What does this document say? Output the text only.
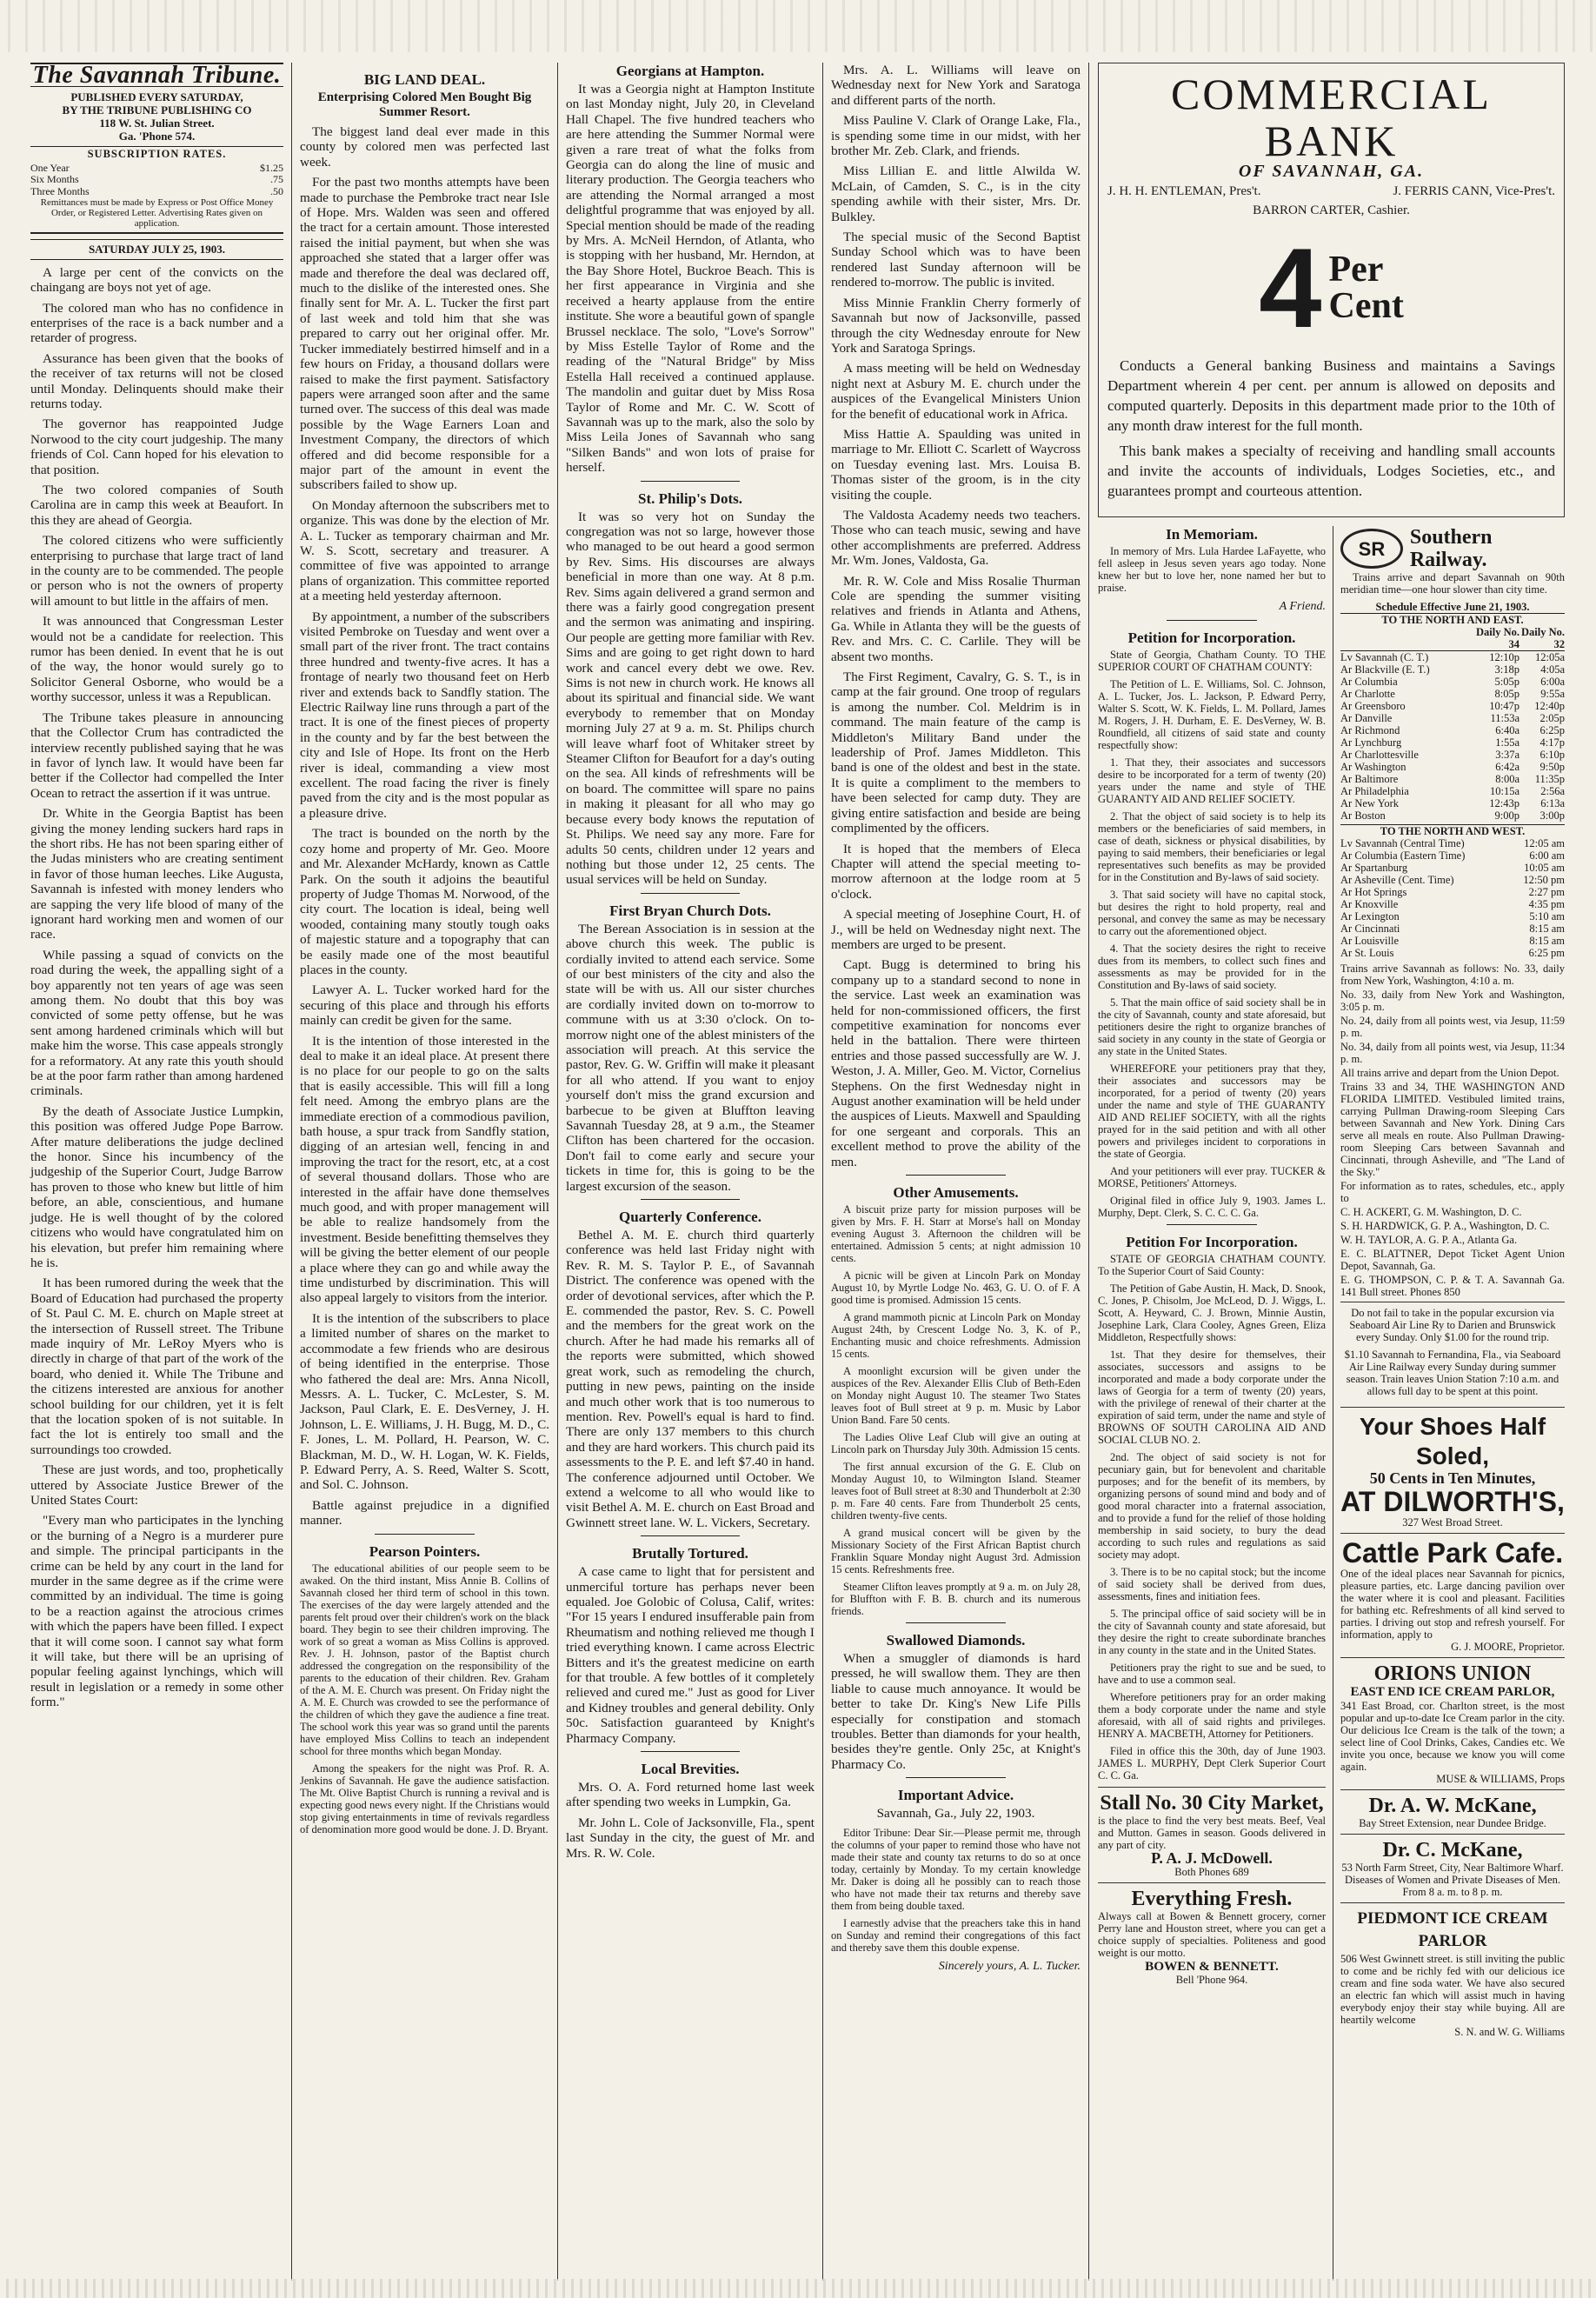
The Savannah Tribune.
PUBLISHED EVERY SATURDAY,
BY THE TRIBUNE PUBLISHING CO
118 W. St. Julian Street.
Ga. 'Phone 574.
SUBSCRIPTION RATES.
One Year	$1.25
Six Months	.75
Three Months	.50
Remittances must be made by Express or Post Office Money Order, or Registered Letter. Advertising Rates given on application.
SATURDAY JULY 25, 1903.

A large per cent of the convicts on the chaingang are boys not yet of age.

The colored man who has no confidence in enterprises of the race is a back number and a retarder of progress.

Assurance has been given that the books of the receiver of tax returns will not be closed until Monday. Delinquents should make their returns today.

The governor has reappointed Judge Norwood to the city court judgeship. The many friends of Col. Cann hoped for his elevation to that position.

The two colored companies of South Carolina are in camp this week at Beaufort. In this they are ahead of Georgia.

The colored citizens who were sufficiently enterprising to purchase that large tract of land in the county are to be commended. The people or person who is not the owners of property will amount to but little in the affairs of men.

It was announced that Congressman Lester would not be a candidate for reelection. This rumor has been denied. In event that he is out of the way, the honor would surely go to Solicitor General Osborne, who would be a worthy successor, unless it was a Republican.

The Tribune takes pleasure in announcing that the Collector Crum has contradicted the interview recently published saying that he was in favor of lynch law. It would have been far better if the Collector had compelled the Inter Ocean to retract the assertion if it was untrue.

Dr. White in the Georgia Baptist has been giving the money lending suckers hard raps in the short ribs. He has not been sparing either of the Judas ministers who are creating sentiment in favor of those human leeches. Like Augusta, Savannah is infested with money lenders who are sapping the very life blood of many of the ignorant hard working men and women of our race.

While passing a squad of convicts on the road during the week, the appalling sight of a boy apparently not ten years of age was seen among them. No doubt that this boy was convicted of some petty offense, but he was sent among hardened criminals which will but make him the worse. This case appeals strongly for a reformatory. At any rate this youth should be at the poor farm rather than among hardened criminals.

By the death of Associate Justice Lumpkin, this position was offered Judge Pope Barrow. After mature deliberations the judge declined the honor. Since his incumbency of the judgeship of the Superior Court, Judge Barrow has proven to those who knew but little of him before, an able, conscientious, and humane judge. He is well thought of by the colored citizens who would have congratulated him on his elevation, but prefer him remaining where he is.

It has been rumored during the week that the Board of Education had purchased the property of St. Paul C. M. E. church on Maple street at the intersection of Russell street. The Tribune made inquiry of Mr. LeRoy Myers who is directly in charge of that part of the work of the board, who denied it. While The Tribune and the citizens interested are anxious for another school building for our children, yet it is felt that the location spoken of is not suitable. In fact the lot is entirely too small and the surroundings too crowded.

These are just words, and too, prophetically uttered by Associate Justice Brewer of the United States Court:

"Every man who participates in the lynching or the burning of a Negro is a murderer pure and simple. The principal participants in the crime can be held by any court in the land for murder in the same degree as if the crime were committed by an individual. The time is going to be a reaction against the atrocious crimes with which the papers have been filled. I expect that it will come soon. I cannot say what form it will take, but there will be an uprising of popular feeling against lynchings, which will result in legislation or a remedy in some other form."

BIG LAND DEAL.
Enterprising Colored Men Bought Big Summer Resort.

The biggest land deal ever made in this county by colored men was perfected last week.

For the past two months attempts have been made to purchase the Pembroke tract near Isle of Hope. Mrs. Walden was seen and offered the tract for a certain amount. Those interested raised the initial payment, but when she was approached she stated that a larger offer was made and therefore the deal was declared off, much to the dislike of the interested ones. She finally sent for Mr. A. L. Tucker the first part of last week and told him that she was prepared to carry out her original offer. Mr. Tucker immediately bestirred himself and in a few hours on Friday, a thousand dollars were raised to make the first payment. Satisfactory papers were arranged soon after and the same turned over. The success of this deal was made possible by the Wage Earners Loan and Investment Company, the directors of which offered and did become responsible for a major part of the amount in event the subscribers failed to show up.

On Monday afternoon the subscribers met to organize. This was done by the election of Mr. A. L. Tucker as temporary chairman and Mr. W. S. Scott, secretary and treasurer. A committee of five was appointed to arrange plans of organization. This committee reported at a meeting held yesterday afternoon.

By appointment, a number of the subscribers visited Pembroke on Tuesday and went over a small part of the river front. The tract contains three hundred and twenty-five acres. It has a frontage of nearly two thousand feet on Herb river and extends back to Sandfly station. The Electric Railway line runs through a part of the tract. It is one of the finest pieces of property in the county and by far the best between the city and Isle of Hope. Its front on the Herb river is ideal, commanding a view most excellent. The road facing the river is finely paved from the city and is the most popular as a pleasure drive.

The tract is bounded on the north by the cozy home and property of Mr. Geo. Moore and Mr. Alexander McHardy, known as Cattle Park. On the south it adjoins the beautiful property of Judge Thomas M. Norwood, of the city court. The location is ideal, being well wooded, containing many stoutly tough oaks of majestic stature and a topography that can be easily made one of the most beautiful places in the county.

Lawyer A. L. Tucker worked hard for the securing of this place and through his efforts mainly can credit be given for the same.

It is the intention of those interested in the deal to make it an ideal place. At present there is no place for our people to go on the salts that is easily accessible. This will fill a long felt need. Among the embryo plans are the immediate erection of a commodious pavilion, bath house, a spur track from Sandfly station, digging of an artesian well, fencing in and improving the tract for the resort, etc, at a cost of several thousand dollars. Those who are interested in the affair have done themselves much good, and with proper management will be able to realize handsomely from the investment. Beside benefitting themselves they will be giving the better element of our people a place where they can go and while away the time undisturbed by discrimination. This will also appeal largely to visitors from the interior.

It is the intention of the subscribers to place a limited number of shares on the market to accommodate a few friends who are desirous of being identified in the enterprise. Those who fathered the deal are: Mrs. Anna Nicoll, Messrs. A. L. Tucker, C. McLester, S. M. Jackson, Paul Clark, E. E. DesVerney, J. H. Johnson, L. E. Williams, J. H. Bugg, M. D., C. F. Jones, L. M. Pollard, H. Pearson, W. C. Blackman, M. D., W. H. Logan, W. K. Fields, P. Edward Perry, A. S. Reed, Walter S. Scott, and Sol. C. Johnson.

Battle against prejudice in a dignified manner.

Pearson Pointers.

The educational abilities of our people seem to be awaked. On the third instant, Miss Annie B. Collins of Savannah closed her third term of school in this town. The exercises of the day were largely attended and the parents felt proud over their children's work on the black board. They begin to see their children improving. The work of so great a woman as Miss Collins is approved. Rev. J. H. Johnson, pastor of the Baptist church addressed the congregation on the responsibility of the parents to the education of their children. Rev. Graham of the A. M. E. Church was present. On Friday night the A. M. E. Church was crowded to see the performance of the children of which they gave the audience a fine treat. The school work this year was so grand until the parents have employed Miss Collins to teach an independent school for three months which began Monday.

Among the speakers for the night was Prof. R. A. Jenkins of Savannah. He gave the audience satisfaction. The Mt. Olive Baptist Church is running a revival and is expecting good news every night. If the Christians would stop giving entertainments in time of revivals regardless of denomination more good would be done. J. D. Bryant.

Georgians at Hampton.

It was a Georgia night at Hampton Institute on last Monday night, July 20, in Cleveland Hall Chapel. The five hundred teachers who are here attending the Summer Normal were given a rare treat of what the folks from Georgia can do along the line of music and literary production. The Georgia teachers who are attending the Normal arranged a most delightful programme that was enjoyed by all. Special mention should be made of the reading by Mrs. A. McNeil Herndon, of Atlanta, who is stopping with her husband, Mr. Herndon, at the Bay Shore Hotel, Buckroe Beach. This is her first appearance in Virginia and she received a hearty applause from the entire institute. She wore a beautiful gown of spangle Brussel necklace. The solo, "Love's Sorrow" by Miss Estelle Taylor of Rome and the reading of the "Natural Bridge" by Miss Estella Hall received a continued applause. The mandolin and guitar duet by Miss Rosa Taylor of Rome and Mr. C. W. Scott of Savannah was up to the mark, also the solo by Miss Leila Jones of Savannah who sang "Silken Bands" and won lots of praise for herself.

St. Philip's Dots.

It was so very hot on Sunday the congregation was not so large, however those who managed to be out heard a good sermon by Rev. Sims. His discourses are always beneficial in more than one way. At 8 p.m. Rev. Sims again delivered a grand sermon and there was a fairly good congregation present and the sermon was animating and inspiring. Our people are getting more familiar with Rev. Sims and are going to get right down to hard work and cancel every debt we owe. Rev. Sims is not new in church work. He knows all about its spiritual and financial side. We want everybody to remember that on Monday morning July 27 at 9 a. m. St. Philips church will leave wharf foot of Whitaker street by Steamer Clifton for Beaufort for a day's outing on the sea. All kinds of refreshments will be on board. The committee will spare no pains in making it pleasant for all who may go because every body knows the reputation of St. Philips. We need say any more. Fare for adults 50 cents, children under 12 years and nothing but those under 12, 25 cents. The usual services will be held on Sunday.

First Bryan Church Dots.

The Berean Association is in session at the above church this week. The public is cordially invited to attend each service. Some of our best ministers of the city and also the state will be with us. All our sister churches are cordially invited down on to-morrow to commune with us at 3:30 o'clock. On to-morrow night one of the ablest ministers of the association will preach. At this service the pastor, Rev. G. W. Griffin will make it pleasant for all who attend. If you want to enjoy yourself don't miss the grand excursion and barbecue to be given at Bluffton leaving Savannah Tuesday 28, at 9 a.m., the Steamer Clifton has been chartered for the occasion. Don't fail to come early and secure your tickets in time for, this is going to be the largest excursion of the season.

Quarterly Conference.

Bethel A. M. E. church third quarterly conference was held last Friday night with Rev. R. M. S. Taylor P. E., of Savannah District. The conference was opened with the order of devotional services, after which the P. E. commended the pastor, Rev. S. C. Powell and the members for the great work on the church. After he had made his remarks all of the reports were submitted, which showed great work, such as remodeling the church, putting in new pews, painting on the inside and much other work that is too numerous to mention. Rev. Powell's equal is hard to find. There are only 137 members to this church and they are hard workers. This church paid its assessments to the P. E. and left $7.40 in hand. The conference adjourned until October. We extend a welcome to all who would like to visit Bethel A. M. E. church on East Broad and Gwinnett street lane. W. L. Vickers, Secretary.

Brutally Tortured.

A case came to light that for persistent and unmerciful torture has perhaps never been equaled. Joe Golobic of Colusa, Calif, writes: "For 15 years I endured insufferable pain from Rheumatism and nothing relieved me though I tried everything known. I came across Electric Bitters and it's the greatest medicine on earth for that trouble. A few bottles of it completely relieved and cured me." Just as good for Liver and Kidney troubles and general debility. Only 50c. Satisfaction guaranteed by Knight's Pharmacy Company.

Local Brevities.

Mrs. O. A. Ford returned home last week after spending two weeks in Lumpkin, Ga.

Mr. John L. Cole of Jacksonville, Fla., spent last Sunday in the city, the guest of Mr. and Mrs. R. W. Cole.

Mrs. A. L. Williams will leave on Wednesday next for New York and Saratoga and different parts of the north.

Miss Pauline V. Clark of Orange Lake, Fla., is spending some time in our midst, with her brother Mr. Zeb. Clark, and friends.

Miss Lillian E. and little Alwilda W. McLain, of Camden, S. C., is in the city spending awhile with their sister, Mrs. Dr. Bulkley.

The special music of the Second Baptist Sunday School which was to have been rendered last Sunday afternoon will be rendered to-morrow. The public is invited.

Miss Minnie Franklin Cherry formerly of Savannah but now of Jacksonville, passed through the city Wednesday enroute for New York and Saratoga Springs.

A mass meeting will be held on Wednesday night next at Asbury M. E. church under the auspices of the Evangelical Ministers Union for the benefit of educational work in Africa.

Miss Hattie A. Spaulding was united in marriage to Mr. Elliott C. Scarlett of Waycross on Tuesday evening last. Mrs. Louisa B. Thomas sister of the groom, is in the city visiting the couple.

The Valdosta Academy needs two teachers. Those who can teach music, sewing and have other accomplishments are preferred. Address Mr. Wm. Jones, Valdosta, Ga.

Mr. R. W. Cole and Miss Rosalie Thurman Cole are spending the summer visiting relatives and friends in Atlanta and Athens, Ga. While in Atlanta they will be the guests of Rev. and Mrs. C. C. Carlile. They will be absent two months.

The First Regiment, Cavalry, G. S. T., is in camp at the fair ground. One troop of regulars is among the number. Col. Meldrim is in command. The main feature of the camp is Middleton's Military Band under the leadership of Prof. James Middleton. This band is one of the oldest and best in the state. It is quite a compliment to the members to have been selected for camp duty. They are giving entire satisfaction and beside are being complimented by the officers.

It is hoped that the members of Eleca Chapter will attend the special meeting to-morrow afternoon at the lodge room at 5 o'clock.

A special meeting of Josephine Court, H. of J., will be held on Wednesday night next. The members are urged to be present.

Capt. Bugg is determined to bring his company up to a standard second to none in the service. Last week an examination was held for non-commissioned officers, the first competitive examination for noncoms ever held in the battalion. There were thirteen entries and those passed successfully are W. J. Weston, J. A. Miller, Geo. M. Victor, Cornelius Stephens. On the first Wednesday night in August another examination will be held under the auspices of Lieuts. Maxwell and Spaulding for one sergeant and corporals. This an excellent method to prove the ability of the men.

Other Amusements.

A biscuit prize party for mission purposes will be given by Mrs. F. H. Starr at Morse's hall on Monday evening August 3. Afternoon the children will be entertained. Admission 5 cents; at night admission 10 cents.

A picnic will be given at Lincoln Park on Monday August 10, by Myrtle Lodge No. 463, G. U. O. of F. A good time is promised. Admission 15 cents.

A grand mammoth picnic at Lincoln Park on Monday August 24th, by Crescent Lodge No. 3, K. of P., Enchanting music and choice refreshments. Admission 15 cents.

A moonlight excursion will be given under the auspices of the Rev. Alexander Ellis Club of Beth-Eden on Monday night August 10. The steamer Two States leaves foot of Bull street at 9 p. m. Music by Labor Union Band. Fare 50 cents.

The Ladies Olive Leaf Club will give an outing at Lincoln park on Thursday July 30th. Admission 15 cents.

The first annual excursion of the G. E. Club on Monday August 10, to Wilmington Island. Steamer leaves foot of Bull street at 8:30 and Thunderbolt at 2:30 p. m. Fare 40 cents. Fare from Thunderbolt 25 cents, children twenty-five cents.

A grand musical concert will be given by the Missionary Society of the First African Baptist church Franklin Square Monday night August 3rd. Admission 15 cents. Refreshments free.

Steamer Clifton leaves promptly at 9 a. m. on July 28, for Bluffton with F. B. B. church and its numerous friends.

Swallowed Diamonds.

When a smuggler of diamonds is hard pressed, he will swallow them. They are then liable to cause much annoyance. It would be better to take Dr. King's New Life Pills especially for constipation and stomach troubles. Better than diamonds for your health, besides they're gentle. Only 25c, at Knight's Pharmacy Co.

Important Advice.

Savannah, Ga., July 22, 1903.

Editor Tribune: Dear Sir.—Please permit me, through the columns of your paper to remind those who have not made their state and county tax returns to do so at once today, certainly by Monday. To my certain knowledge Mr. Daker is doing all he possibly can to reach those who have not made their tax returns and thereby save them from being double taxed.

I earnestly advise that the preachers take this in hand on Sunday and remind their congregations of this fact and thereby save them this double expense.

Sincerely yours, A. L. Tucker.
COMMERCIAL BANK
OF SAVANNAH, GA.
J. H. H. ENTLEMAN, Pres't.	J. FERRIS CANN, Vice-Pres't.
BARRON CARTER, Cashier.
4 Per
Cent

Conducts a General banking Business and maintains a Savings Department wherein 4 per cent. per annum is allowed on deposits and computed quarterly. Deposits in this department made prior to the 10th of any month draw interest for the full month.

This bank makes a specialty of receiving and handling small accounts and invite the accounts of individuals, Lodges Societies, etc., and guarantees prompt and courteous attention.

In Memoriam.

In memory of Mrs. Lula Hardee LaFayette, who fell asleep in Jesus seven years ago today. None knew her but to love her, none named her but to praise.

A Friend.
Petition for Incorporation.

State of Georgia, Chatham County. TO THE SUPERIOR COURT OF CHATHAM COUNTY:

The Petition of L. E. Williams, Sol. C. Johnson, A. L. Tucker, Jos. L. Jackson, P. Edward Perry, Walter S. Scott, W. K. Fields, L. M. Pollard, James M. Rogers, J. H. Durham, E. E. DesVerney, W. B. Roundfield, all citizens of said state and county respectfully show:

1. That they, their associates and successors desire to be incorporated for a term of twenty (20) years under the name and style of THE GUARANTY AID AND RELIEF SOCIETY.

2. That the object of said society is to help its members or the beneficiaries of said members, in case of death, sickness or physical disabilities, by paying to said members, their beneficiaries or legal representatives such benefits as may be provided for in the Constitution and By-laws of said society.

3. That said society will have no capital stock, but desires the right to hold property, real and personal, and convey the same as may be necessary to carry out the aforementioned object.

4. That the society desires the right to receive dues from its members, to collect such fines and assessments as may be provided for in the Constitution and By-laws of said society.

5. That the main office of said society shall be in the city of Savannah, county and state aforesaid, but petitioners desire the right to organize branches of said society in any county in the state of Georgia or any state in the United States.

WHEREFORE your petitioners pray that they, their associates and successors may be incorporated, for a period of twenty (20) years under the name and style of THE GUARANTY AID AND RELIEF SOCIETY, with all the rights prayed for in the said petition and with all other powers and privileges incident to corporations in the state of Georgia.

And your petitioners will ever pray. TUCKER & MORSE, Petitioners' Attorneys.

Original filed in office July 9, 1903. James L. Murphy, Dept. Clerk, S. C. C. C. Ga.

Petition For Incorporation.

STATE OF GEORGIA CHATHAM COUNTY. To the Superior Court of Said County:

The Petition of Gabe Austin, H. Mack, D. Snook, C. Jones, P. Chisolm, Joe McLeod, D. J. Wiggs, L. Scott, A. Heyward, C. J. Brown, Minnie Austin, Josephine Lark, Clara Cooley, Agnes Green, Eliza Middleton, Respectfully shows:

1st. That they desire for themselves, their associates, successors and assigns to be incorporated and made a body corporate under the laws of Georgia for a term of twenty (20) years, with the privilege of renewal of their charter at the expiration of said term, under the name and style of BROWNS OF SOUTH CAROLINA AID AND SOCIAL CLUB NO. 2.

2nd. The object of said society is not for pecuniary gain, but for benevolent and charitable purposes; and for the benefit of its members, by organizing persons of sound mind and body and of good moral character into a fraternal association, and to provide a fund for the relief of those holding membership in said society, to bury the dead according to such rules and regulations as said society may adopt.

3. There is to be no capital stock; but the income of said society shall be derived from dues, assessments, fines and initiation fees.

5. The principal office of said society will be in the city of Savannah county and state aforesaid, but they desire the right to create subordinate branches in any county in the state and in the United States.

Petitioners pray the right to sue and be sued, to have and to use a common seal.

Wherefore petitioners pray for an order making them a body corporate under the name and style aforesaid, with all of said rights and privileges. HENRY A. MACBETH, Attorney for Petitioners.

Filed in office this the 30th, day of June 1903. JAMES L. MURPHY, Dept Clerk Superior Court C. C. Ga.

Stall No. 30 City Market,
is the place to find the very best meats. Beef, Veal and Mutton. Games in season. Goods delivered in any part of city.
P. A. J. McDowell.
Both Phones 689
Everything Fresh.
Always call at Bowen & Bennett grocery, corner Perry lane and Houston street, where you can get a choice supply of specialties. Politeness and good weight is our motto.
BOWEN & BENNETT.
Bell 'Phone 964.
SR	Southern Railway.

Trains arrive and depart Savannah on 90th meridian time—one hour slower than city time.

Schedule Effective June 21, 1903.
TO THE NORTH AND EAST.
Daily No. 34
Daily No. 32
Lv Savannah (C. T.)	12:10p	12:05a
Ar Blackville (E. T.)	3:18p	4:05a
Ar Columbia	5:05p	6:00a
Ar Charlotte	8:05p	9:55a
Ar Greensboro	10:47p	12:40p
Ar Danville	11:53a	2:05p
Ar Richmond	6:40a	6:25p
Ar Lynchburg	1:55a	4:17p
Ar Charlottesville	3:37a	6:10p
Ar Washington	6:42a	9:50p
Ar Baltimore	8:00a	11:35p
Ar Philadelphia	10:15a	2:56a
Ar New York	12:43p	6:13a
Ar Boston	9:00p	3:00p
TO THE NORTH AND WEST.
Lv Savannah (Central Time)	12:05 am
Ar Columbia (Eastern Time)	6:00 am
Ar Spartanburg	10:05 am
Ar Asheville (Cent. Time)	12:50 pm
Ar Hot Springs	2:27 pm
Ar Knoxville	4:35 pm
Ar Lexington	5:10 am
Ar Cincinnati	8:15 am
Ar Louisville	8:15 am
Ar St. Louis	6:25 pm

Trains arrive Savannah as follows: No. 33, daily from New York, Washington, 4:10 a. m.

No. 33, daily from New York and Washington, 3:05 p. m.

No. 24, daily from all points west, via Jesup, 11:59 p. m.

No. 34, daily from all points west, via Jesup, 11:34 p. m.

All trains arrive and depart from the Union Depot.

Trains 33 and 34, THE WASHINGTON AND FLORIDA LIMITED. Vestibuled limited trains, carrying Pullman Drawing-room Sleeping Cars between Savannah and New York. Dining Cars serve all meals en route. Also Pullman Drawing-room Sleeping Cars between Savannah and Cincinnati, through Asheville, and "The Land of the Sky."

For information as to rates, schedules, etc., apply to

C. H. ACKERT, G. M. Washington, D. C.

S. H. HARDWICK, G. P. A., Washington, D. C.

W. H. TAYLOR, A. G. P. A., Atlanta Ga.

E. C. BLATTNER, Depot Ticket Agent Union Depot, Savannah, Ga.

E. G. THOMPSON, C. P. & T. A. Savannah Ga. 141 Bull street. Phones 850

Do not fail to take in the popular excursion via Seaboard Air Line Ry to Darien and Brunswick every Sunday. Only $1.00 for the round trip.

$1.10 Savannah to Fernandina, Fla., via Seaboard Air Line Railway every Sunday during summer season. Train leaves Union Station 7:10 a.m. and allows full day to be spent at this point.

Your Shoes Half Soled,
50 Cents in Ten Minutes,
AT DILWORTH'S,
327 West Broad Street.
Cattle Park Cafe.
One of the ideal places near Savannah for picnics, pleasure parties, etc. Large dancing pavilion over the water where it is cool and pleasant. Facilities for bathing etc. Refreshments of all kind served to parties. I driving out stop and refresh yourself. For information, apply to
G. J. MOORE, Proprietor.
ORIONS UNION
EAST END ICE CREAM PARLOR,
341 East Broad, cor. Charlton street, is the most popular and up-to-date Ice Cream parlor in the city. Our delicious Ice Cream is the talk of the town; a select line of Cool Drinks, Cakes, Candies etc. We invite you once, because we know you will come again.
MUSE & WILLIAMS, Props
Dr. A. W. McKane,
Bay Street Extension, near Dundee Bridge.
Dr. C. McKane,
53 North Farm Street, City, Near Baltimore Wharf. Diseases of Women and Private Diseases of Men. From 8 a. m. to 8 p. m.
PIEDMONT ICE CREAM PARLOR
506 West Gwinnett street. is still inviting the public to come and be richly fed with our delicious ice cream and fine soda water. We have also secured an electric fan which will assist much in having everybody enjoy their stay while buying. All are heartily welcome
S. N. and W. G. Williams
